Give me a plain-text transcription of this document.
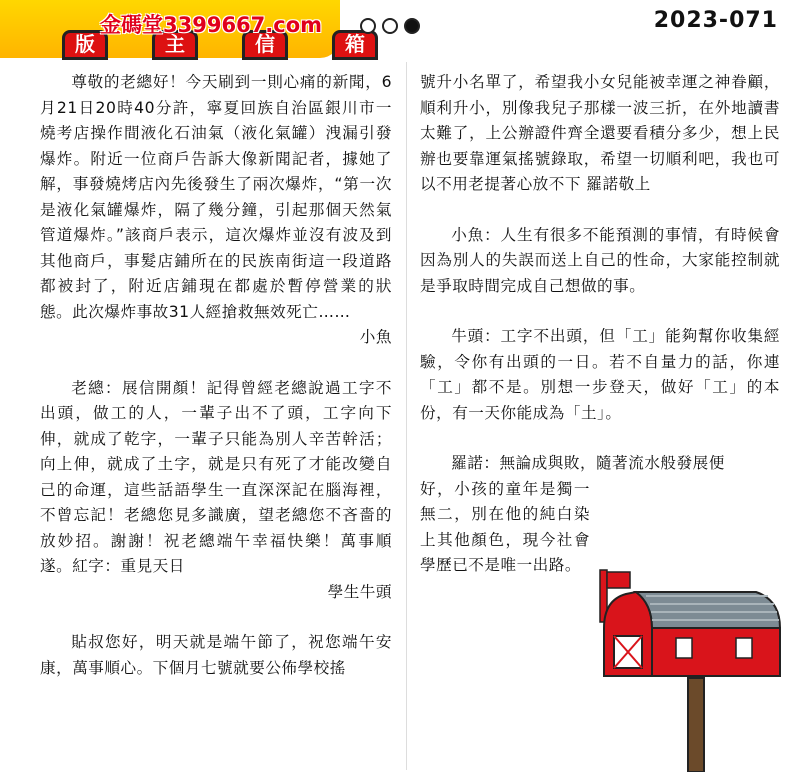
版	主	信	箱
金碼堂3399667.com	2023-071

尊敬的老總好！今天刷到一則心痛的新聞，6月21日20時40分許，寧夏回族自治區銀川市一燒考店操作間液化石油氣（液化氣罐）洩漏引發爆炸。附近一位商戶告訴大像新聞記者，據她了解，事發燒烤店內先後發生了兩次爆炸，“第一次是液化氣罐爆炸，隔了幾分鐘，引起那個天然氣管道爆炸。”該商戶表示，這次爆炸並沒有波及到其他商戶，事髮店鋪所在的民族南街這一段道路都被封了，附近店鋪現在都處於暫停營業的狀態。此次爆炸事故31人經搶救無效死亡……

小魚

老總：展信開顏！記得曾經老總說過工字不出頭，做工的人，一輩子出不了頭，工字向下伸，就成了乾字，一輩子只能為別人辛苦幹活；向上伸，就成了土字，就是只有死了才能改變自己的命運，這些話語學生一直深深記在腦海裡，不曾忘記！老總您見多識廣，望老總您不吝嗇的放妙招。謝謝！祝老總端午幸福快樂！萬事順遂。紅字：重見天日

學生牛頭

貼叔您好，明天就是端午節了，祝您端午安康，萬事順心。下個月七號就要公佈學校搖

號升小名單了，希望我小女兒能被幸運之神眷顧，順利升小，別像我兒子那樣一波三折，在外地讀書太難了，上公辦證件齊全還要看積分多少，想上民辦也要靠運氣搖號錄取，希望一切順利吧，我也可以不用老提著心放不下 羅諾敬上

小魚：人生有很多不能預測的事情，有時候會因為別人的失誤而送上自己的性命，大家能控制就是爭取時間完成自己想做的事。

牛頭：工字不出頭，但「工」能夠幫你收集經驗，令你有出頭的一日。若不自量力的話，你連「工」都不是。別想一步登天，做好「工」的本份，有一天你能成為「土」。

羅諾：無論成與敗，隨著流水般發展便

好，小孩的童年是獨一無二，別在他的純白染上其他顏色，現今社會學歷已不是唯一出路。
